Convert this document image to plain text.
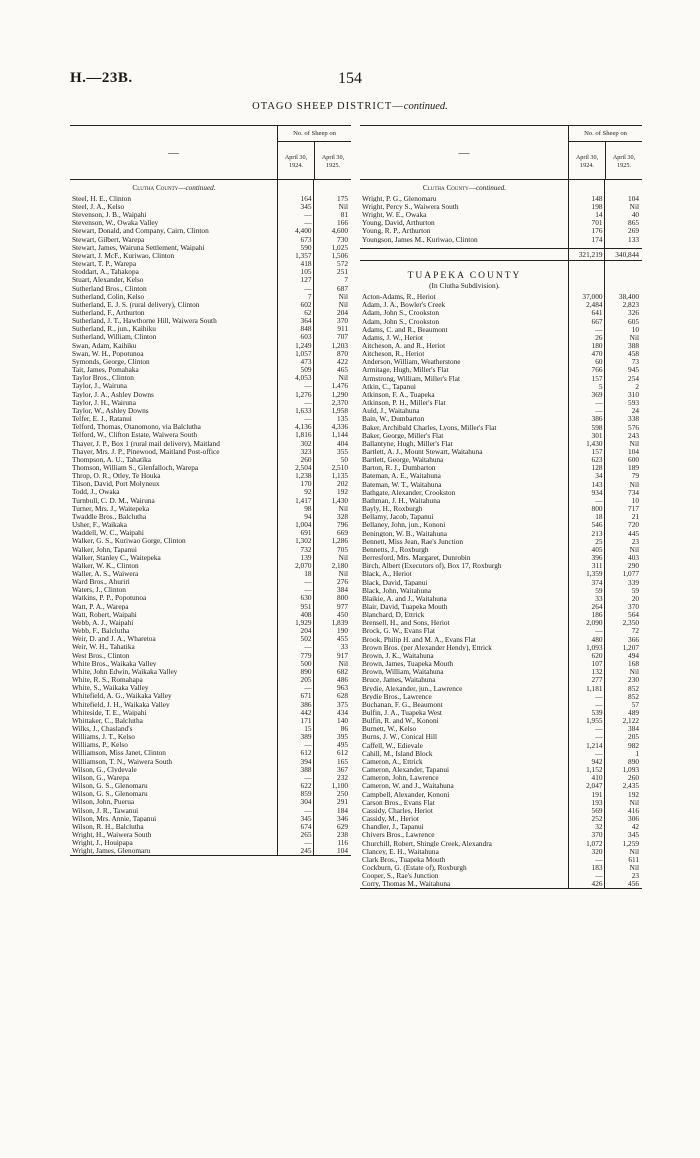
H.—23B.	154
OTAGO SHEEP DISTRICT—continued.
—
No. of Sheep on
April 30, 1924.
April 30, 1925.
Clutha County—continued.
Steel, H. E., Clinton	164	175
Steel, J. A., Kelso	345	Nil
Stevenson, J. B., Waipahi	—	81
Stevenson, W., Owaka Valley	—	166
Stewart, Donald, and Company, Cairn, Clinton	4,400	4,600
Stewart, Gilbert, Warepa	673	730
Stewart, James, Wairuna Settlement, Waipahi	590	1,025
Stewart, J. McF., Kuriwao, Clinton	1,357	1,506
Stewart, T. P., Warepa	418	572
Stoddart, A., Tahakopa	105	251
Stuart, Alexander, Kelso	127	7
Sutherland Bros., Clinton	—	687
Sutherland, Colin, Kelso	7	Nil
Sutherland, E. J. S. (rural delivery), Clinton	602	Nil
Sutherland, F., Arthurton	62	204
Sutherland, J. T., Hawthorne Hill, Waiwera South	364	370
Sutherland, R., jun., Kaihiku	848	911
Sutherland, William, Clinton	603	707
Swan, Adam, Kaihiku	1,249	1,203
Swan, W. H., Popotunoa	1,057	870
Symonds, George, Clinton	473	422
Tait, James, Pomahaka	509	465
Taylor Bros., Clinton	4,053	Nil
Taylor, J., Wairuna	—	1,476
Taylor, J. A., Ashley Downs	1,276	1,290
Taylor, J. H., Wairuna	—	2,370
Taylor, W., Ashley Downs	1,633	1,958
Telfer, E. J., Ratanui	—	135
Telford, Thomas, Otanomono, via Balclutha	4,136	4,336
Telford, W., Clifton Estate, Waiwera South	1,816	1,144
Thayer, J. P., Box 1 (rural mail delivery), Maitland	302	404
Thayer, Mrs. J. P., Pinewood, Maitland Post-office	323	355
Thompson, A. U., Tahatika	260	50
Thomson, William S., Glenfalloch, Warepa	2,504	2,510
Throp, O. R., Otley, Te Houka	1,238	1,135
Tilson, David, Port Molyneux	170	202
Todd, J., Owaka	92	192
Turnbull, C. D. M., Wairuna	1,417	1,430
Turner, Mrs. J., Waitepeka	98	Nil
Twaddle Bros., Balclutha	94	328
Usher, F., Waikaka	1,004	796
Waddell, W. C., Waipahi	691	669
Walker, G. S., Kuriwao Gorge, Clinton	1,302	1,286
Walker, John, Tapanui	732	705
Walker, Stanley C., Waitepeka	139	Nil
Walker, W. K., Clinton	2,070	2,180
Waller, A. S., Waiwera	18	Nil
Ward Bros., Ahuriri	—	276
Waters, J., Clinton	—	384
Watkins, P. P., Popotunoa	630	800
Watt, P. A., Warepa	951	977
Watt, Robert, Waipahi	408	450
Webb, A. J., Waipahi	1,929	1,839
Webb, F., Balclutha	204	190
Weir, D. and J. A., Wharetoa	502	455
Weir, W. H., Tahatika	—	33
West Bros., Clinton	779	917
White Bros., Waikaka Valley	500	Nil
White, John Edwin, Waikaka Valley	890	682
White, R. S., Romahapa	205	486
White, S., Waikaka Valley	—	963
Whitefield, A. G., Waikaka Valley	671	628
Whitefield, J. H., Waikaka Valley	386	375
Whiteside, T. E., Waipahi	442	434
Whittaker, C., Balclutha	171	140
Wilks, J., Chasland's	15	86
Williams, J. T., Kelso	389	395
Williams, P., Kelso	—	495
Williamson, Miss Janet, Clinton	612	612
Williamson, T. N., Waiwera South	394	165
Wilson, G., Clydevale	388	367
Wilson, G., Warepa	—	232
Wilson, G. S., Glenomaru	622	1,100
Wilson, G. S., Glenomaru	859	250
Wilson, John, Puerua	304	291
Wilson, J. R., Tawanui	—	184
Wilson, Mrs. Annie, Tapanui	345	346
Wilson, R. H., Balclutha	674	629
Wright, H., Waiwera South	265	238
Wright, J., Houipapa	—	116
Wright, James, Glenomaru	245	104
—
No. of Sheep on
April 30, 1924.
April 30, 1925.
Clutha County—continued.
Wright, P. G., Glenomaru	148	104
Wright, Percy S., Waiwera South	198	Nil
Wright, W. E., Owaka	14	40
Young, David, Arthurton	701	865
Young, R. P., Arthurton	176	269
Youngson, James M., Kuriwao, Clinton	174	133
321,219	340,844
TUAPEKA COUNTY
(In Clutha Subdivision).
Acton-Adams, R., Heriot	37,000	38,400
Adam, J. A., Bowler's Creek	2,484	2,823
Adam, John S., Crookston	641	326
Adam, John S., Crookston	667	605
Adams, C. and R., Beaumont	—	10
Adams, J. W., Heriot	26	Nil
Aitcheson, A. and R., Heriot	180	388
Aitcheson, R., Heriot	470	458
Anderson, William, Weatherstone	60	73
Armitage, Hugh, Miller's Flat	766	945
Armstrong, William, Miller's Flat	157	254
Atkin, C., Tapanui	5	2
Atkinson, F. A., Tuapeka	369	310
Atkinson, P. H., Miller's Flat	—	593
Auld, J., Waitahuna	—	24
Bain, W., Dumbarton	386	338
Baker, Archibald Charles, Lyons, Miller's Flat	598	576
Baker, George, Miller's Flat	301	243
Ballantyne, Hugh, Miller's Flat	1,430	Nil
Bartlett, A. J., Mount Stewart, Waitahuna	157	104
Bartlett, George, Waitahuna	623	600
Barton, R. J., Dumbarton	128	189
Bateman, A. E., Waitahuna	34	79
Bateman, W. T., Waitahuna	143	Nil
Bathgate, Alexander, Crookston	934	734
Bathman, J. H., Waitahuna	—	10
Bayly, H., Roxburgh	800	717
Bellamy, Jacob, Tapanui	18	21
Bellaney, John, jun., Kononi	546	720
Benington, W. B., Waitahuna	213	445
Bennett, Miss Jean, Rae's Junction	25	23
Bennetts, J., Roxburgh	405	Nil
Berresford, Mrs. Margaret, Dunrobin	396	403
Birch, Albert (Executors of), Box 17, Roxburgh	311	290
Black, A., Heriot	1,359	1,077
Black, David, Tapanui	374	339
Black, John, Waitahuna	59	59
Blaikie, A. and J., Waitahuna	33	20
Blair, David, Tuapeka Mouth	264	370
Blanchard, D, Ettrick	186	564
Brensell, H., and Sons, Heriot	2,090	2,350
Brock, G. W., Evans Flat	—	72
Brook, Philip H. and M. A., Evans Flat	480	366
Brown Bros. (per Alexander Hendy), Ettrick	1,093	1,207
Brown, J. K., Waitahuna	620	494
Brown, James, Tuapeka Mouth	107	168
Brown, William, Waitahuna	132	Nil
Bruce, James, Waitahuna	277	230
Brydie, Alexander, jun., Lawrence	1,181	852
Brydie Bros., Lawrence	—	852
Buchanan, F. G., Beaumont	—	57
Bulfin, J. A., Tuapeka West	539	489
Bulfin, R. and W., Kononi	1,955	2,122
Burnett, W., Kelso	—	384
Burns, J. W., Conical Hill	—	205
Caffell, W., Edievale	1,214	982
Cahill, M., Island Block	—	1
Cameron, A., Ettrick	942	890
Cameron, Alexander, Tapanui	1,152	1,093
Cameron, John, Lawrence	410	260
Cameron, W. and J., Waitahuna	2,047	2,435
Campbell, Alexander, Kononi	191	192
Carson Bros., Evans Flat	193	Nil
Cassidy, Charles, Heriot	569	416
Cassidy, M., Heriot	252	306
Chandler, J., Tapanui	32	42
Chivers Bros., Lawrence	370	345
Churchill, Robert, Shingle Creek, Alexandra	1,072	1,259
Clancey, E. H., Waitahuna	320	Nil
Clark Bros., Tuapeka Mouth	—	611
Cockburn, G. (Estate of), Roxburgh	183	Nil
Cooper, S., Rae's Junction	—	23
Corry, Thomas M., Waitahuna	426	456
